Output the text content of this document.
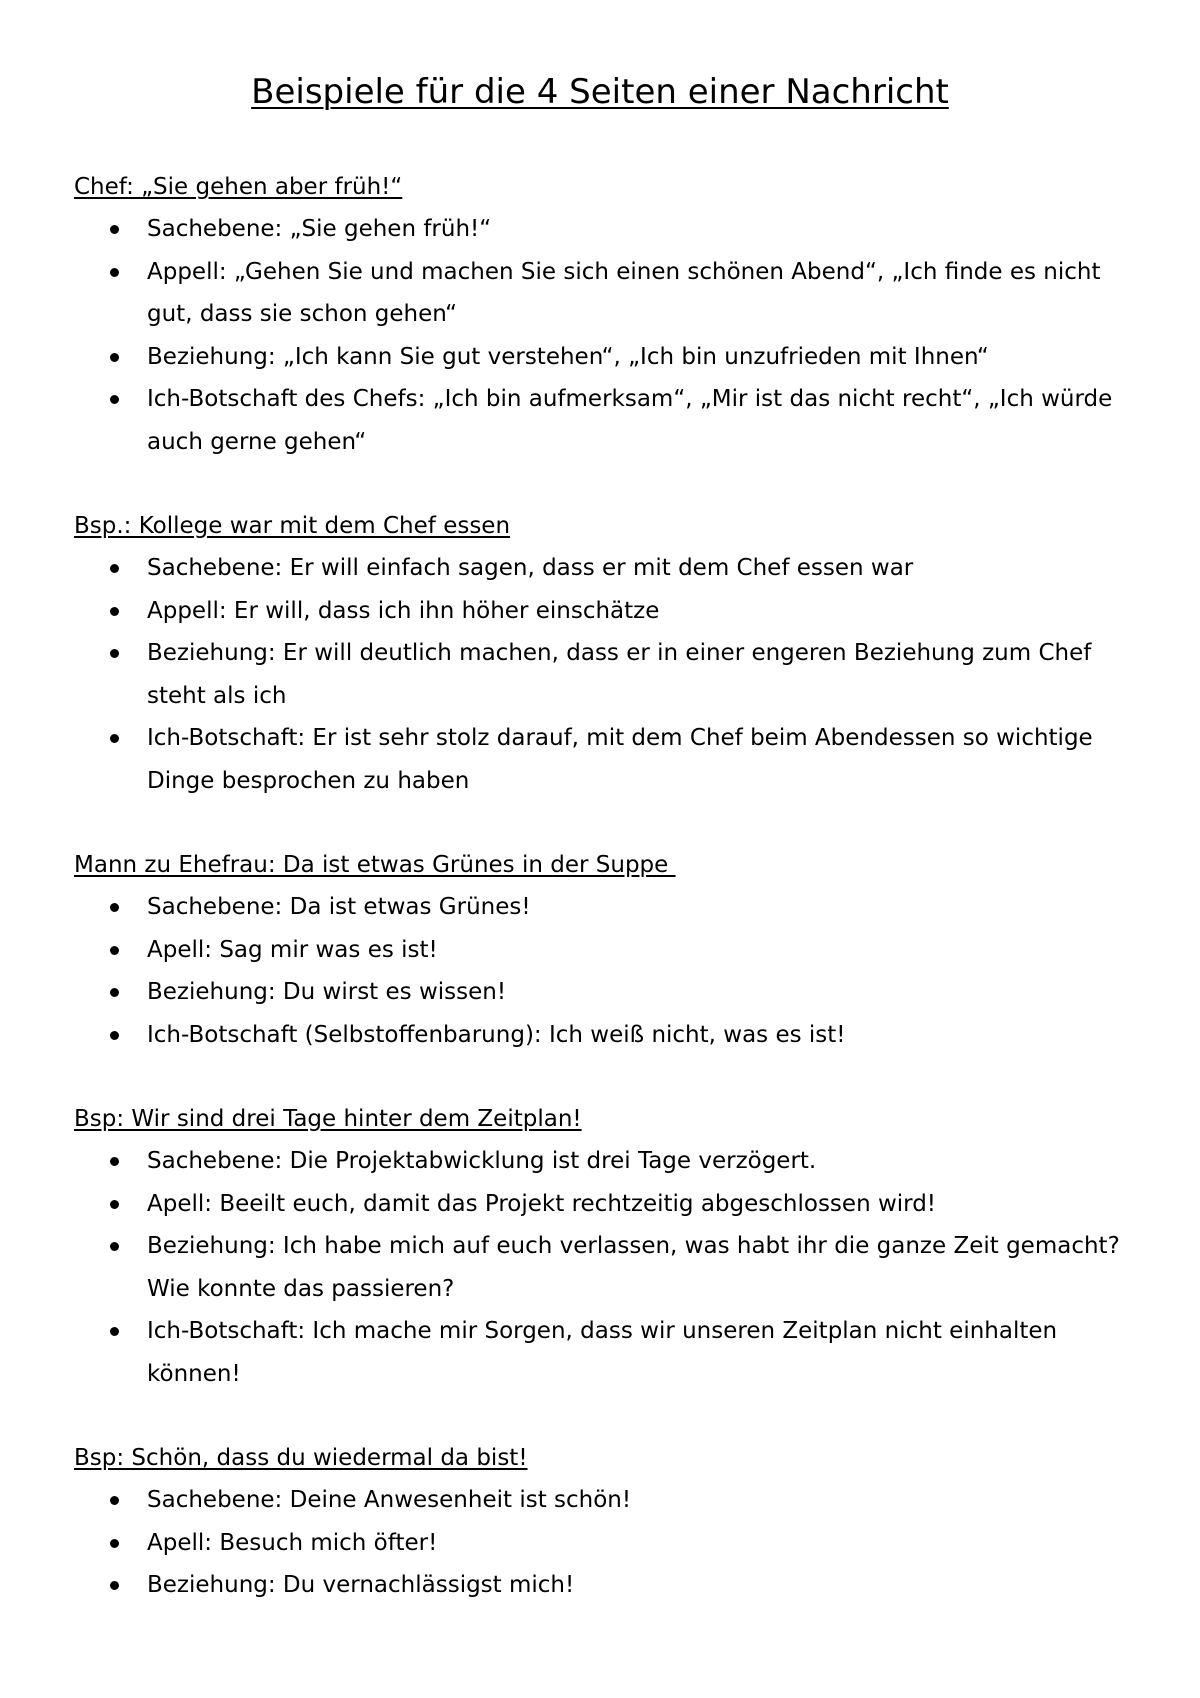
Beispiele für die 4 Seiten einer Nachricht

Chef: „Sie gehen aber früh!“

Sachebene: „Sie gehen früh!“
Appell: „Gehen Sie und machen Sie sich einen schönen Abend“, „Ich finde es nicht gut, dass sie schon gehen“
Beziehung: „Ich kann Sie gut verstehen“, „Ich bin unzufrieden mit Ihnen“
Ich-Botschaft des Chefs: „Ich bin aufmerksam“, „Mir ist das nicht recht“, „Ich würde auch gerne gehen“

Bsp.: Kollege war mit dem Chef essen

Sachebene: Er will einfach sagen, dass er mit dem Chef essen war
Appell: Er will, dass ich ihn höher einschätze
Beziehung: Er will deutlich machen, dass er in einer engeren Beziehung zum Chef steht als ich
Ich-Botschaft: Er ist sehr stolz darauf, mit dem Chef beim Abendessen so wichtige Dinge besprochen zu haben

Mann zu Ehefrau: Da ist etwas Grünes in der Suppe

Sachebene: Da ist etwas Grünes!
Apell: Sag mir was es ist!
Beziehung: Du wirst es wissen!
Ich-Botschaft (Selbstoffenbarung): Ich weiß nicht, was es ist!

Bsp: Wir sind drei Tage hinter dem Zeitplan!

Sachebene: Die Projektabwicklung ist drei Tage verzögert.
Apell: Beeilt euch, damit das Projekt rechtzeitig abgeschlossen wird!
Beziehung: Ich habe mich auf euch verlassen, was habt ihr die ganze Zeit gemacht? Wie konnte das passieren?
Ich-Botschaft: Ich mache mir Sorgen, dass wir unseren Zeitplan nicht einhalten können!

Bsp: Schön, dass du wiedermal da bist!

Sachebene: Deine Anwesenheit ist schön!
Apell: Besuch mich öfter!
Beziehung: Du vernachlässigst mich!
